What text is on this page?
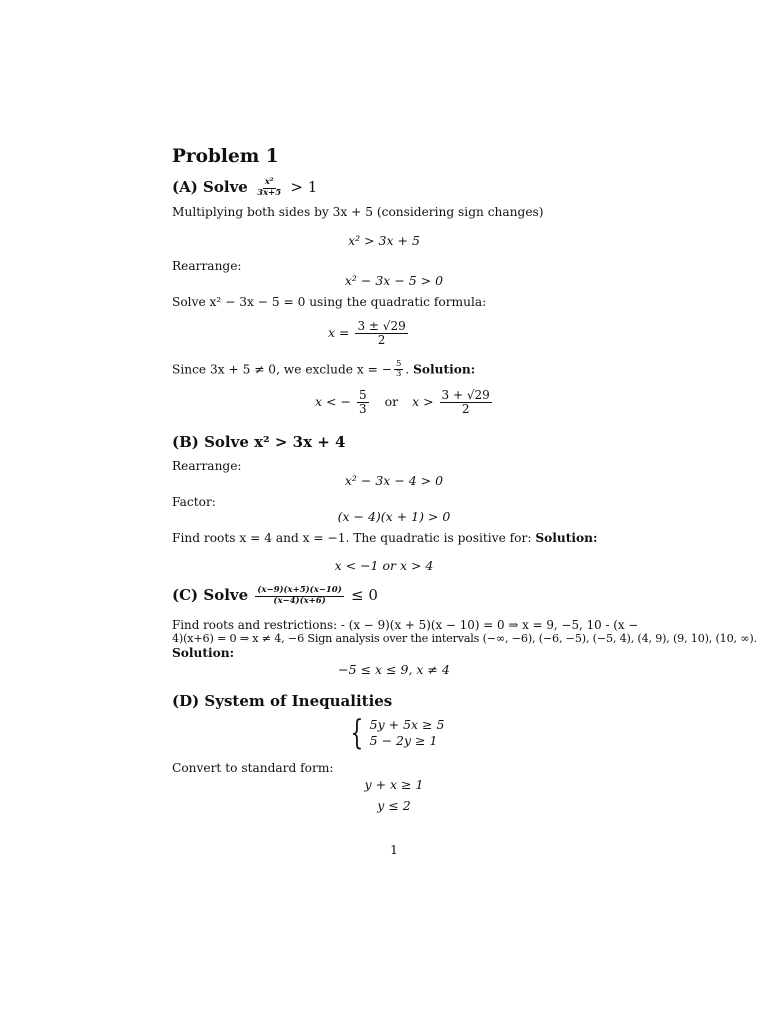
Problem 1
(A) Solve $\frac{\text{x²}}{3x+5} > 1$
Multiplying both sides by 3x + 5 (considering sign changes)
x² > 3x + 5
Rearrange:
x² − 3x − 5 > 0
Solve x² − 3x − 5 = 0 using the quadratic formula:
$x = \frac{3 \pm √29}{2}$
Since 3x + 5 ≠ 0, we exclude x = − $\frac{5}{3}$ . Solution:
x < − $\frac{5}{3}$ or $x > \frac{3 + √29}{2}$
(B) Solve x² > 3x + 4
Rearrange:
x² − 3x − 4 > 0
Factor:
(x − 4)(x + 1) > 0
Find roots x = 4 and x = −1. The quadratic is positive for: Solution:
x < −1 or x > 4
(C) Solve $\frac{(x-9)(x+5)(x-10)}{(x-4)(x+6)} \le 0$
Find roots and restrictions: - (x − 9)(x + 5)(x − 10) = 0 ⇒ x = 9, −5, 10 - (x −
4)(x+6) = 0 ⇒ x ≠ 4, −6 Sign analysis over the intervals (−∞, −6), (−6, −5), (−5, 4), (4, 9), (9, 10), (10, ∞).
Solution:
−5 ≤ x ≤ 9, x ≠ 4
(D) System of Inequalities
{ 5y + 5x ≥ 5
5 − 2y ≥ 1
Convert to standard form:
y + x ≥ 1
y ≤ 2
1
